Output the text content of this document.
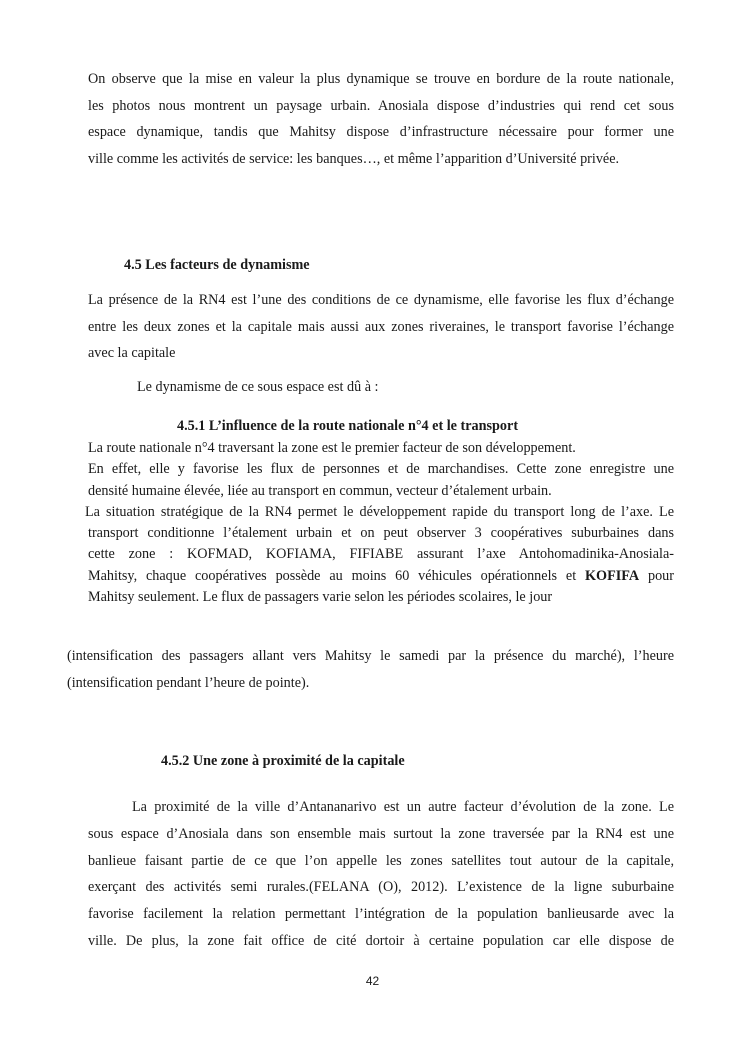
On observe que la mise en valeur la plus dynamique se trouve en bordure de la route nationale,
les photos nous montrent un paysage urbain. Anosiala dispose d’industries qui rend cet sous
espace dynamique, tandis que Mahitsy dispose d’infrastructure nécessaire pour former une
ville comme les activités de service: les banques…, et même l’apparition d’Université privée.

4.5 Les facteurs de dynamisme

La présence de la RN4 est l’une des conditions de ce dynamisme, elle favorise les flux d’échange
entre les deux zones et la capitale mais aussi aux zones riveraines, le transport favorise l’échange
avec la capitale

Le dynamisme de ce sous espace est dû à :

4.5.1 L’influence de la route nationale n°4 et le transport

La route nationale n°4 traversant la zone est le premier facteur de son développement.
En effet, elle y favorise les flux de personnes et de marchandises. Cette zone enregistre une
densité humaine élevée, liée au transport en commun, vecteur d’étalement urbain.
La situation stratégique de la RN4 permet le développement rapide du transport long de l’axe. Le
transport conditionne l’étalement urbain et on peut observer 3 coopératives suburbaines dans
cette zone : KOFMAD, KOFIAMA, FIFIABE assurant l’axe Antohomadinika-Anosiala-
Mahitsy, chaque coopératives possède au moins 60 véhicules opérationnels et KOFIFA pour
Mahitsy seulement. Le flux de passagers varie selon les périodes scolaires, le jour

(intensification des passagers allant vers Mahitsy le samedi par la présence du marché), l’heure
(intensification pendant l’heure de pointe).

4.5.2 Une zone à proximité de la capitale

La proximité de la ville d’Antananarivo est un autre facteur d’évolution de la zone. Le
sous espace d’Anosiala dans son ensemble mais surtout la zone traversée par la RN4 est une
banlieue faisant partie de ce que l’on appelle les zones satellites tout autour de la capitale,
exerçant des activités semi rurales.(FELANA (O), 2012). L’existence de la ligne suburbaine
favorise facilement la relation permettant l’intégration de la population banlieusarde avec la
ville. De plus, la zone fait office de cité dortoir à certaine population car elle dispose de

42
